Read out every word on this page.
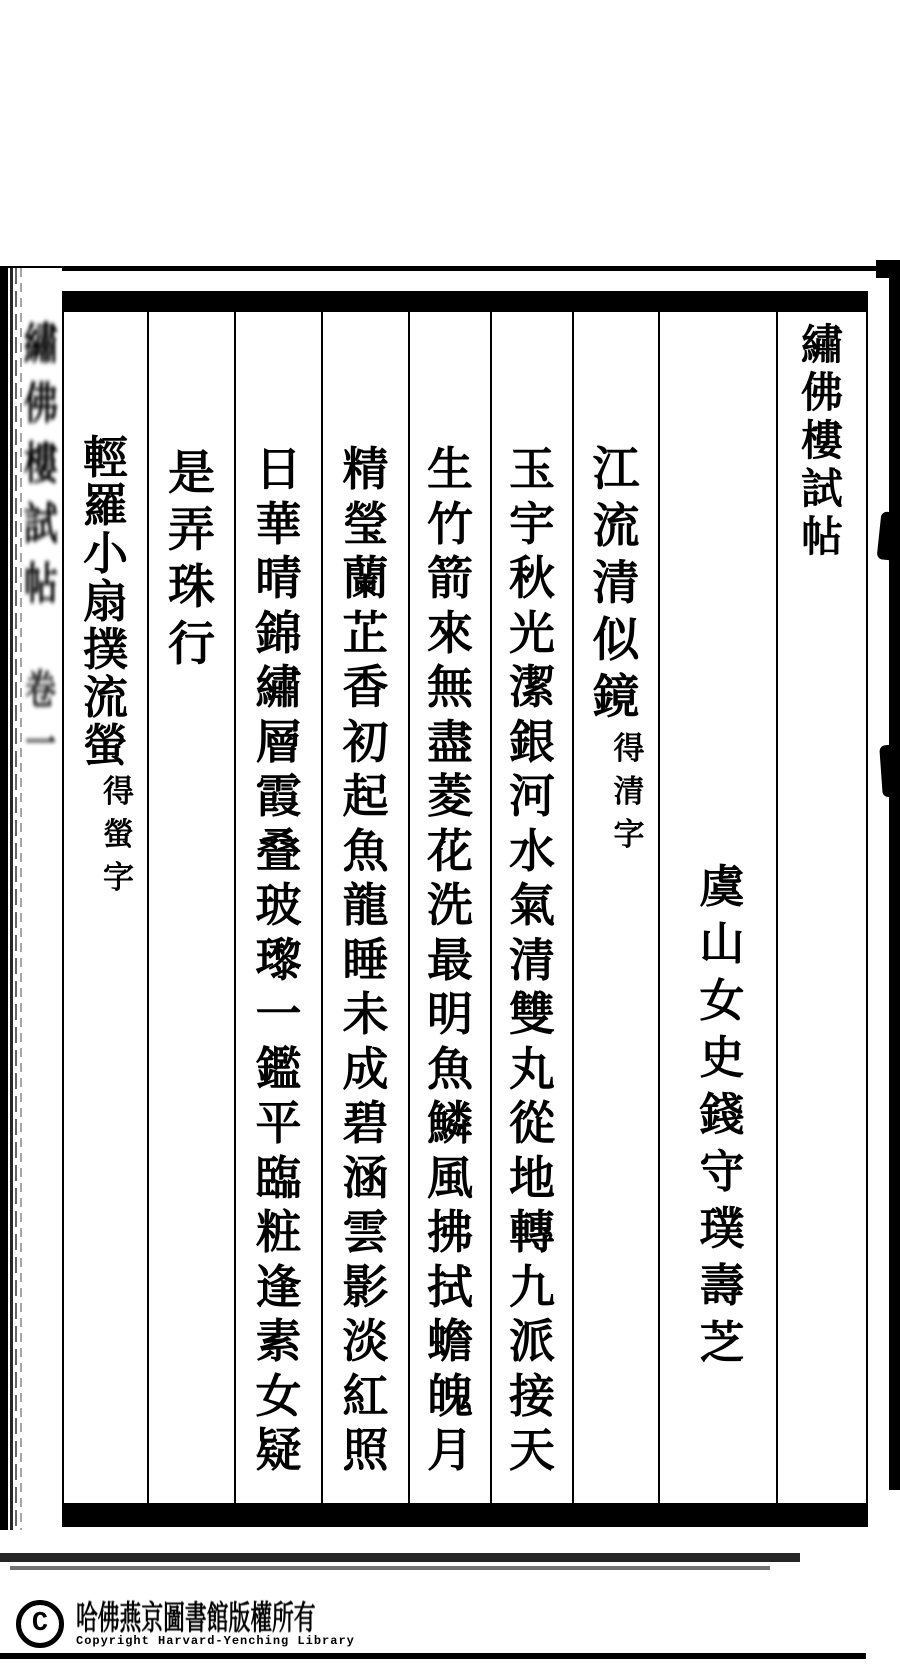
繡佛樓試帖
卷一
繡
佛
樓
試
帖
虞
山
女
史
錢
守
璞
壽
芝
江
流
清
似
鏡
得
清
字
玉
宇
秋
光
潔
銀
河
水
氣
清
雙
丸
從
地
轉
九
派
接
天
生
竹
箭
來
無
盡
菱
花
洗
最
明
魚
鱗
風
拂
拭
蟾
魄
月
精
瑩
蘭
芷
香
初
起
魚
龍
睡
未
成
碧
涵
雲
影
淡
紅
照
日
華
晴
錦
繡
層
霞
叠
玻
瓈
一
鑑
平
臨
粧
逢
素
女
疑
是
弄
珠
行
輕
羅
小
扇
撲
流
螢
得
螢
字
C 哈佛燕京圖書館版權所有
Copyright Harvard-Yenching Library
